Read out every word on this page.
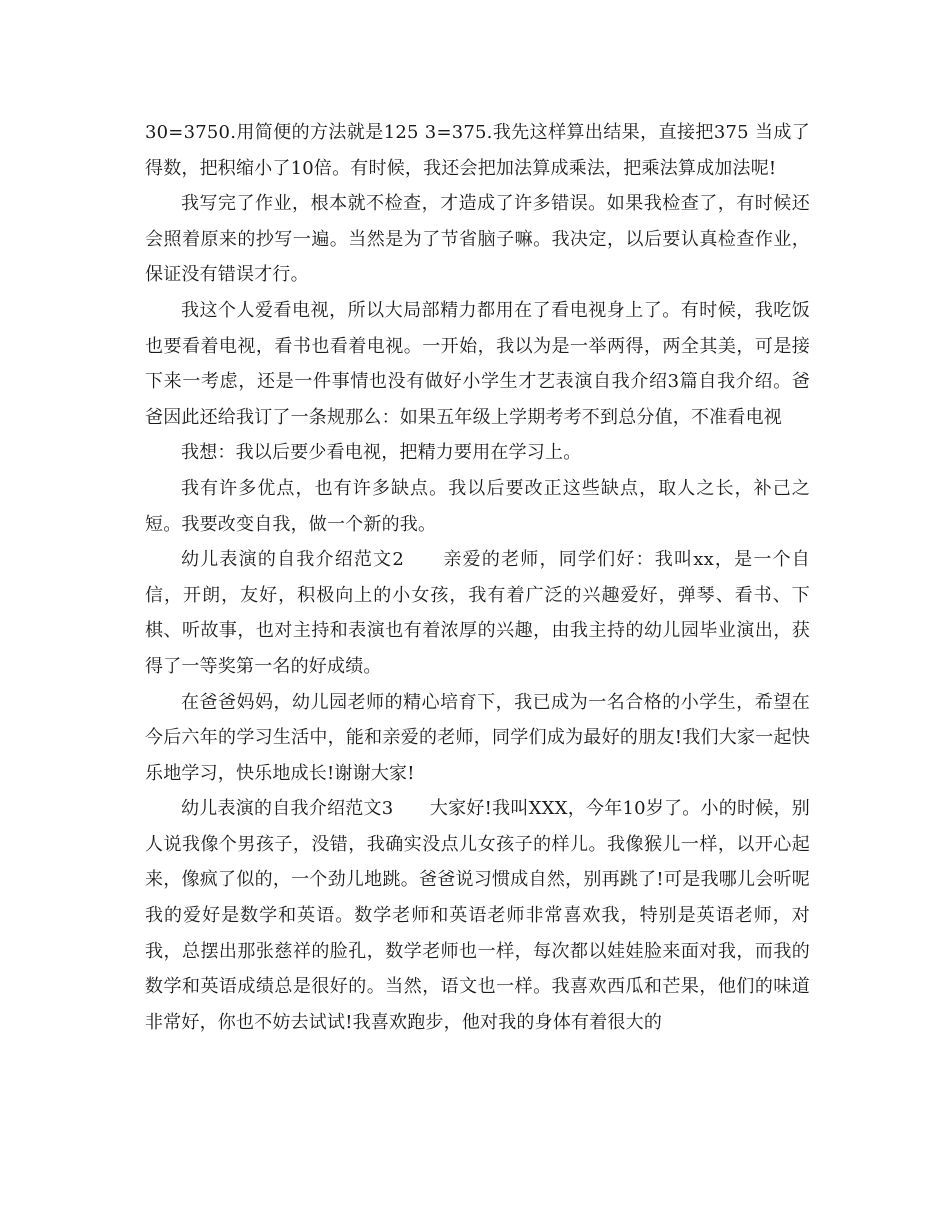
30=3750.用简便的方法就是125 3=375.我先这样算出结果，直接把375 当成了得数，把积缩小了10倍。有时候，我还会把加法算成乘法，把乘法算成加法呢!

我写完了作业，根本就不检查，才造成了许多错误。如果我检查了，有时候还会照着原来的抄写一遍。当然是为了节省脑子嘛。我决定，以后要认真检查作业，保证没有错误才行。

我这个人爱看电视，所以大局部精力都用在了看电视身上了。有时候，我吃饭也要看着电视，看书也看着电视。一开始，我以为是一举两得，两全其美，可是接下来一考虑，还是一件事情也没有做好小学生才艺表演自我介绍3篇自我介绍。爸爸因此还给我订了一条规那么：如果五年级上学期考考不到总分值，不准看电视

我想：我以后要少看电视，把精力要用在学习上。

我有许多优点，也有许多缺点。我以后要改正这些缺点，取人之长，补己之短。我要改变自我，做一个新的我。

幼儿表演的自我介绍范文2　　亲爱的老师，同学们好：我叫xx，是一个自信，开朗，友好，积极向上的小女孩，我有着广泛的兴趣爱好，弹琴、看书、下棋、听故事，也对主持和表演也有着浓厚的兴趣，由我主持的幼儿园毕业演出，获得了一等奖第一名的好成绩。

在爸爸妈妈，幼儿园老师的精心培育下，我已成为一名合格的小学生，希望在今后六年的学习生活中，能和亲爱的老师，同学们成为最好的朋友!我们大家一起快乐地学习，快乐地成长!谢谢大家!

幼儿表演的自我介绍范文3　　大家好!我叫XXX，今年10岁了。小的时候，别人说我像个男孩子，没错，我确实没点儿女孩子的样儿。我像猴儿一样，以开心起来，像疯了似的，一个劲儿地跳。爸爸说习惯成自然，别再跳了!可是我哪儿会听呢我的爱好是数学和英语。数学老师和英语老师非常喜欢我，特别是英语老师，对我，总摆出那张慈祥的脸孔，数学老师也一样，每次都以娃娃脸来面对我，而我的数学和英语成绩总是很好的。当然，语文也一样。我喜欢西瓜和芒果，他们的味道非常好，你也不妨去试试!我喜欢跑步，他对我的身体有着很大的
